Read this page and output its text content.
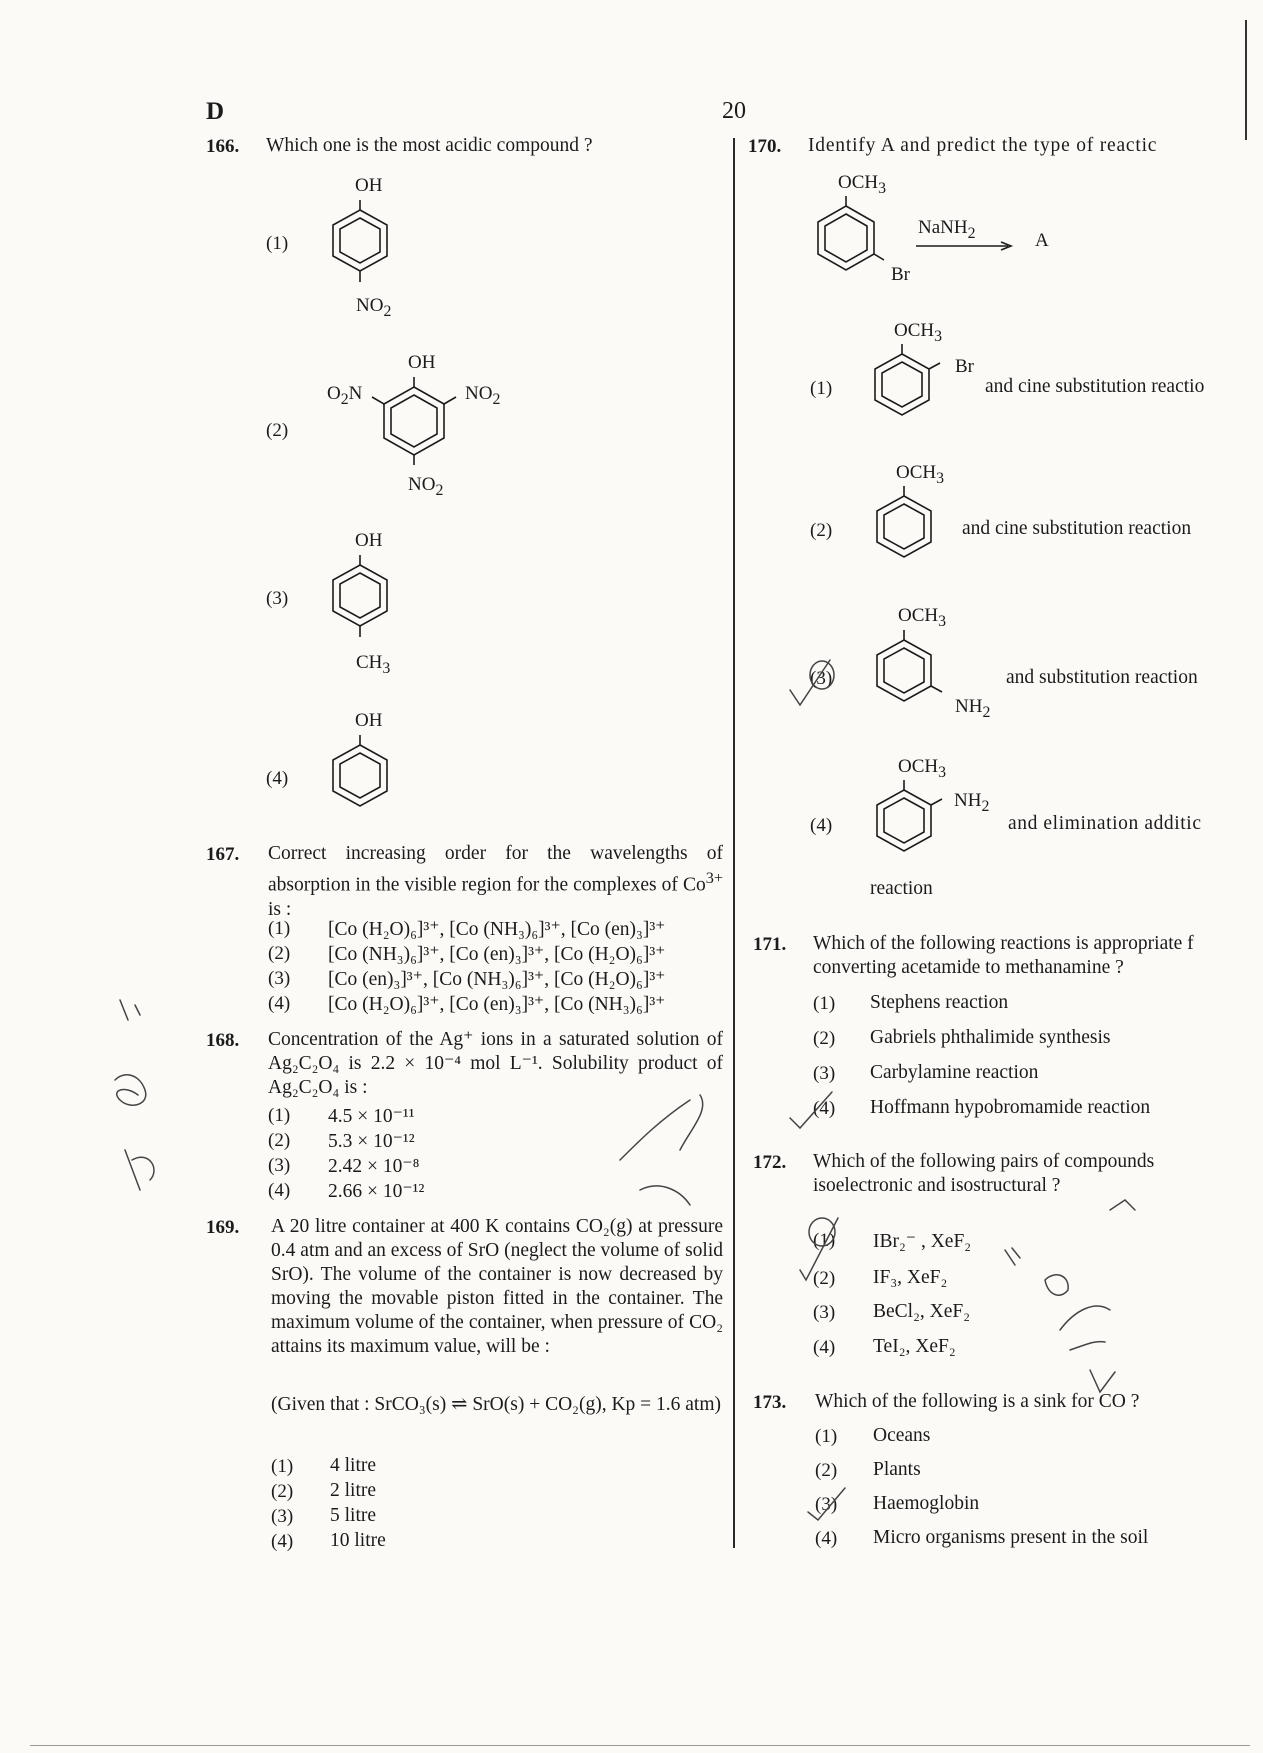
D	20
166. Which one is the most acidic compound ?
(1)
OH
$NO_2$
(2)
OH
$O_2N$	$NO_2$
$NO_2$
(3)
OH
$CH_3$
(4)
OH
167. Correct increasing order for the wavelengths of absorption in the visible region for the complexes of $Co^{3+}$ is :
(1) [Co (H₂O)₆]³⁺, [Co (NH₃)₆]³⁺, [Co (en)₃]³⁺
(2) [Co (NH₃)₆]³⁺, [Co (en)₃]³⁺, [Co (H₂O)₆]³⁺
(3) [Co (en)₃]³⁺, [Co (NH₃)₆]³⁺, [Co (H₂O)₆]³⁺
(4) [Co (H₂O)₆]³⁺, [Co (en)₃]³⁺, [Co (NH₃)₆]³⁺
168. Concentration of the Ag⁺ ions in a saturated solution of Ag₂C₂O₄ is 2.2 × 10⁻⁴ mol L⁻¹. Solubility product of Ag₂C₂O₄ is :
(1) 4.5 × 10⁻¹¹
(2) 5.3 × 10⁻¹²
(3) 2.42 × 10⁻⁸
(4) 2.66 × 10⁻¹²
169. A 20 litre container at 400 K contains CO₂(g) at pressure 0.4 atm and an excess of SrO (neglect the volume of solid SrO). The volume of the container is now decreased by moving the movable piston fitted in the container. The maximum volume of the container, when pressure of CO₂ attains its maximum value, will be :
(Given that : SrCO₃(s) ⇌ SrO(s) + CO₂(g), Kp = 1.6 atm)
(1) 4 litre
(2) 2 litre
(3) 5 litre
(4) 10 litre
170. Identify A and predict the type of reactic
$OCH_3$
Br
NaNH$_2$	A
(1)
$OCH_3$
Br
and cine substitution reactio
(2)
$OCH_3$
and cine substitution reaction
(3)
$OCH_3$
$NH_2$
and substitution reaction
(4)
$OCH_3$
$NH_2$
and elimination additic
reaction
171. Which of the following reactions is appropriate f converting acetamide to methanamine ?
(1) Stephens reaction
(2) Gabriels phthalimide synthesis
(3) Carbylamine reaction
(4) Hoffmann hypobromamide reaction
172. Which of the following pairs of compounds isoelectronic and isostructural ?
(1) IBr₂⁻ , XeF₂
(2) IF₃, XeF₂
(3) BeCl₂, XeF₂
(4) TeI₂, XeF₂
173. Which of the following is a sink for CO ?
(1) Oceans
(2) Plants
(3) Haemoglobin
(4) Micro organisms present in the soil
